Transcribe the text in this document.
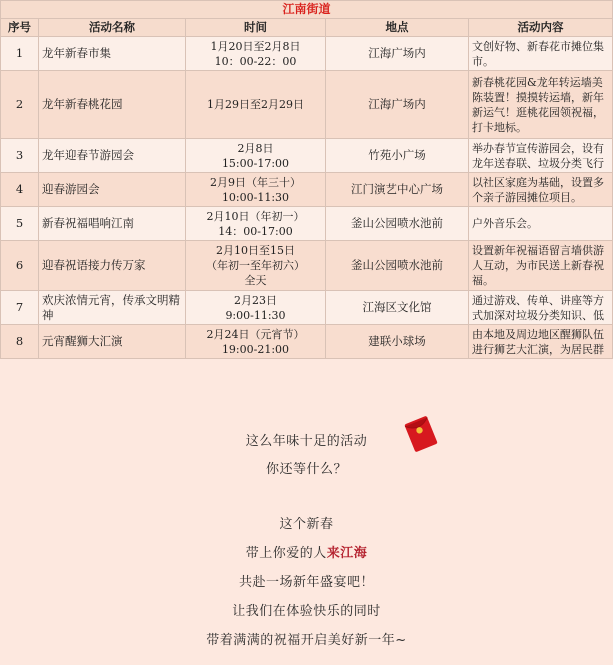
江南街道				
序号	活动名称	时间	地点	活动内容
1	龙年新春市集	1月20日至2月8日
10：00-22：00	江海广场内	文创好物、新春花市摊位集市。

2	龙年新春桃花园	1月29日至2月29日	江海广场内	新春桃花园&龙年转运墙美陈装置！摸摸转运墙，新年新运气！逛桃花园领祝福，打卡地标。

3	龙年迎春节游园会	2月8日
15:00-17:00	竹苑小广场	举办春节宣传游园会，设有龙年送春联、垃圾分类飞行

4	迎春游园会	2月9日（年三十）
10:00-11:30	江门演艺中心广场	以社区家庭为基础，设置多个亲子游园摊位项目。

5	新春祝福唱响江南	2月10日（年初一）
14：00-17:00	釜山公园喷水池前	户外音乐会。

6	迎春祝语接力传万家	2月10日至15日
（年初一至年初六）
全天	釜山公园喷水池前	设置新年祝福语留言墙供游人互动，为市民送上新春祝福。

7	欢庆浓情元宵，传承文明精神	2月23日
9:00-11:30	江海区文化馆	通过游戏、传单、讲座等方式加深对垃圾分类知识、低

8	元宵醒狮大汇演	2月24日（元宵节）
19:00-21:00	建联小球场	由本地及周边地区醒狮队伍进行狮艺大汇演，为居民群
这么年味十足的活动
你还等什么？
这个新春
带上你爱的人来江海
共赴一场新年盛宴吧！
让我们在体验快乐的同时
带着满满的祝福开启美好新一年~
